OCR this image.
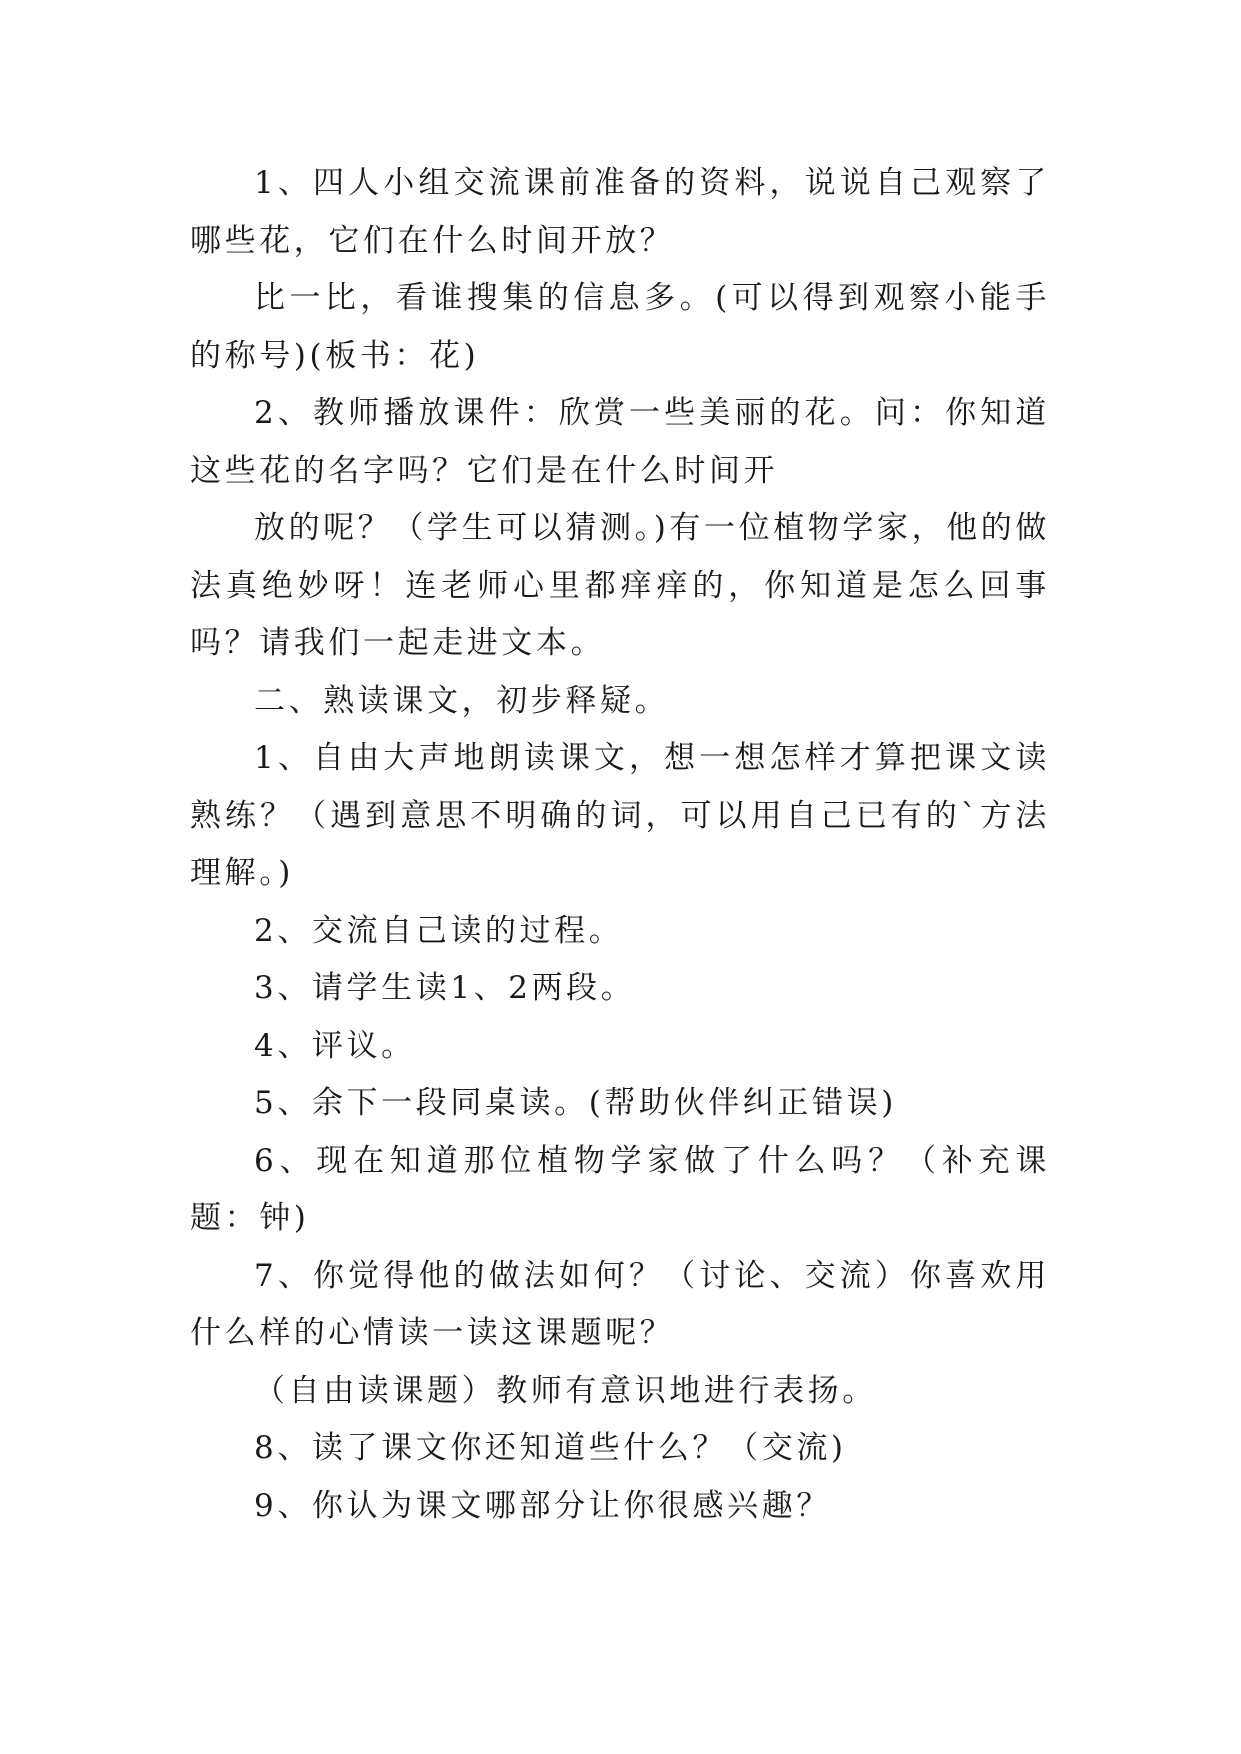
1、四人小组交流课前准备的资料，说说自己观察了哪些花，它们在什么时间开放？

比一比，看谁搜集的信息多。(可以得到观察小能手的称号)(板书：花)

2、教师播放课件：欣赏一些美丽的花。问：你知道这些花的名字吗？它们是在什么时间开

放的呢？（学生可以猜测。)有一位植物学家，他的做法真绝妙呀！连老师心里都痒痒的，你知道是怎么回事吗？请我们一起走进文本。

二、熟读课文，初步释疑。

1、自由大声地朗读课文，想一想怎样才算把课文读熟练？（遇到意思不明确的词，可以用自己已有的`方法理解。)

2、交流自己读的过程。

3、请学生读1、2两段。

4、评议。

5、余下一段同桌读。(帮助伙伴纠正错误)

6、现在知道那位植物学家做了什么吗？（补充课题：钟)

7、你觉得他的做法如何？（讨论、交流）你喜欢用什么样的心情读一读这课题呢？

（自由读课题）教师有意识地进行表扬。

8、读了课文你还知道些什么？（交流)

9、你认为课文哪部分让你很感兴趣？
